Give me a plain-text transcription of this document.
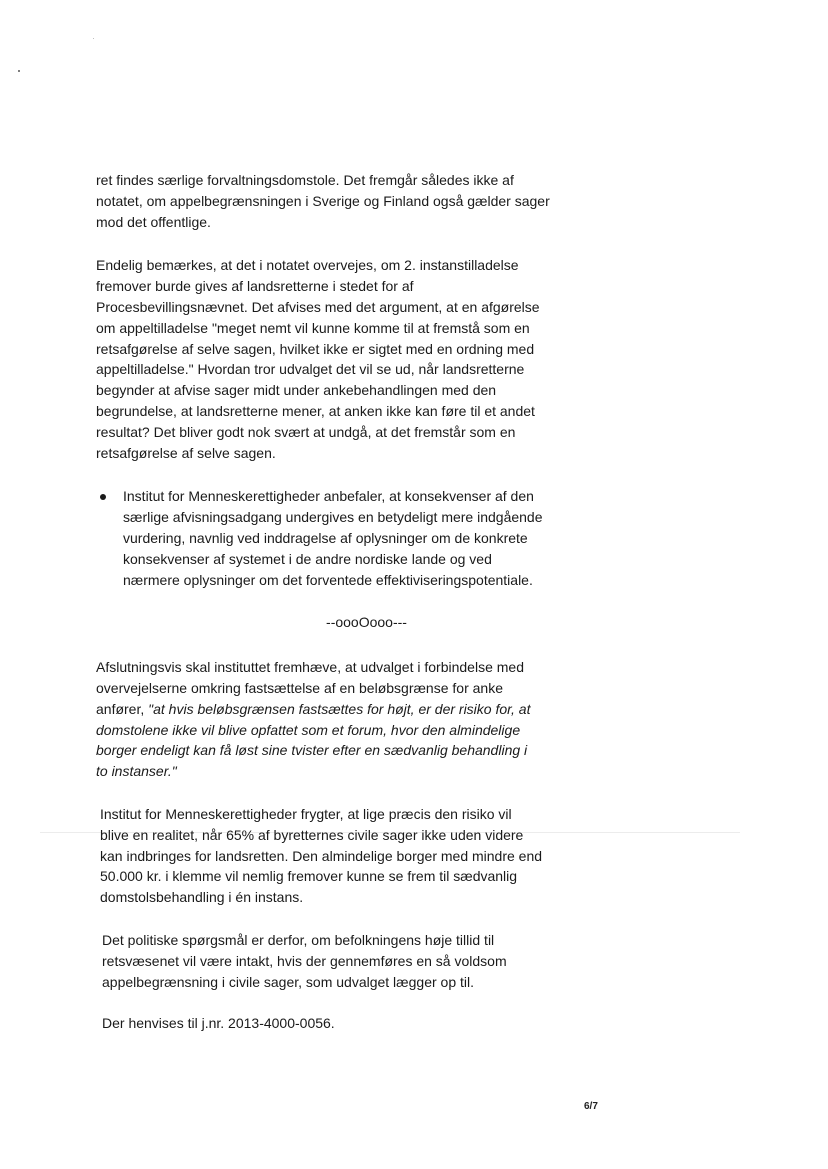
ret findes særlige forvaltningsdomstole. Det fremgår således ikke af
notatet, om appelbegrænsningen i Sverige og Finland også gælder sager
mod det offentlige.

Endelig bemærkes, at det i notatet overvejes, om 2. instanstilladelse
fremover burde gives af landsretterne i stedet for af
Procesbevillingsnævnet. Det afvises med det argument, at en afgørelse
om appeltilladelse "meget nemt vil kunne komme til at fremstå som en
retsafgørelse af selve sagen, hvilket ikke er sigtet med en ordning med
appeltilladelse." Hvordan tror udvalget det vil se ud, når landsretterne
begynder at afvise sager midt under ankebehandlingen med den
begrundelse, at landsretterne mener, at anken ikke kan føre til et andet
resultat? Det bliver godt nok svært at undgå, at det fremstår som en
retsafgørelse af selve sagen.

Institut for Menneskerettigheder anbefaler, at konsekvenser af den
særlige afvisningsadgang undergives en betydeligt mere indgående
vurdering, navnlig ved inddragelse af oplysninger om de konkrete
konsekvenser af systemet i de andre nordiske lande og ved
nærmere oplysninger om det forventede effektiviseringspotentiale.
--oooOooo---

Afslutningsvis skal instituttet fremhæve, at udvalget i forbindelse med
overvejelserne omkring fastsættelse af en beløbsgrænse for anke
anfører, "at hvis beløbsgrænsen fastsættes for højt, er der risiko for, at
domstolene ikke vil blive opfattet som et forum, hvor den almindelige
borger endeligt kan få løst sine tvister efter en sædvanlig behandling i
to instanser."

Institut for Menneskerettigheder frygter, at lige præcis den risiko vil
blive en realitet, når 65% af byretternes civile sager ikke uden videre
kan indbringes for landsretten. Den almindelige borger med mindre end
50.000 kr. i klemme vil nemlig fremover kunne se frem til sædvanlig
domstolsbehandling i én instans.

Det politiske spørgsmål er derfor, om befolkningens høje tillid til
retsvæsenet vil være intakt, hvis der gennemføres en så voldsom
appelbegrænsning i civile sager, som udvalget lægger op til.

Der henvises til j.nr. 2013-4000-0056.

6/7
